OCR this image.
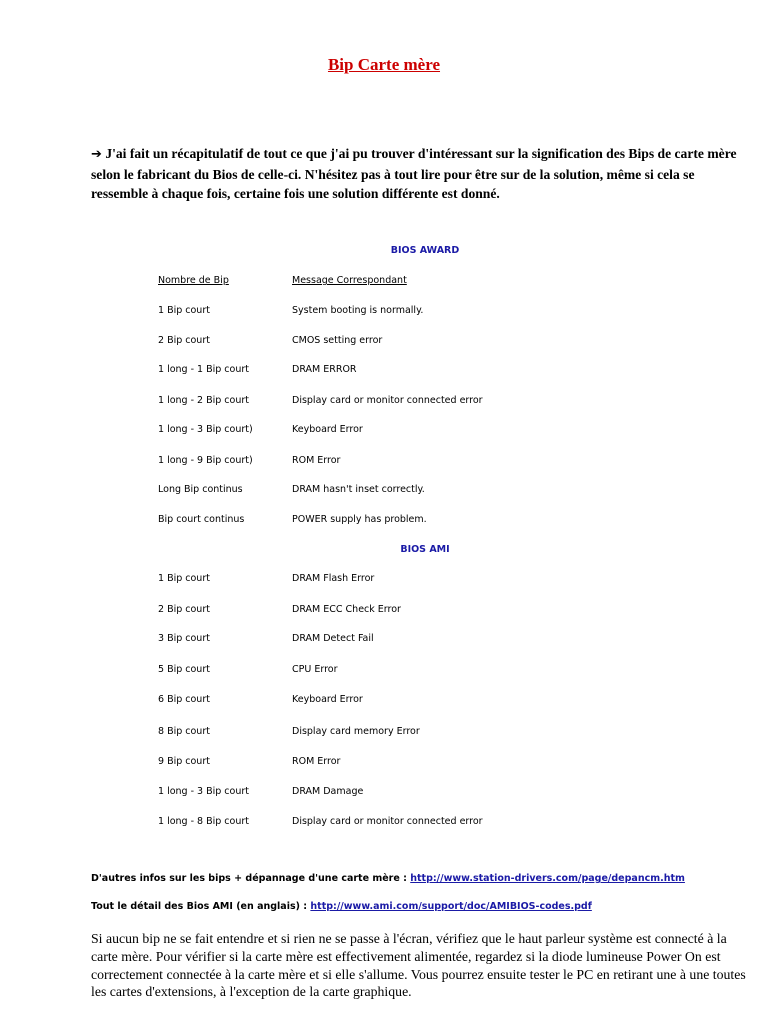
Bip Carte mère
➔ J'ai fait un récapitulatif de tout ce que j'ai pu trouver d'intéressant sur la signification des Bips de carte mère selon le fabricant du Bios de celle-ci. N'hésitez pas à tout lire pour être sur de la solution, même si cela se ressemble à chaque fois, certaine fois une solution différente est donné.
BIOS AWARD
Nombre de Bip	Message Correspondant
1 Bip court	System booting is normally.
2 Bip court	CMOS setting error
1 long - 1 Bip court	DRAM ERROR
1 long - 2 Bip court	Display card or monitor connected error
1 long - 3 Bip court)	Keyboard Error
1 long - 9 Bip court)	ROM Error
Long Bip continus	DRAM hasn't inset correctly.
Bip court continus	POWER supply has problem.
BIOS AMI
1 Bip court	DRAM Flash Error
2 Bip court	DRAM ECC Check Error
3 Bip court	DRAM Detect Fail
5 Bip court	CPU Error
6 Bip court	Keyboard Error
8 Bip court	Display card memory Error
9 Bip court	ROM Error
1 long - 3 Bip court	DRAM Damage
1 long - 8 Bip court	Display card or monitor connected error
D'autres infos sur les bips + dépannage d'une carte mère : http://www.station-drivers.com/page/depancm.htm
Tout le détail des Bios AMI (en anglais) : http://www.ami.com/support/doc/AMIBIOS-codes.pdf
Si aucun bip ne se fait entendre et si rien ne se passe à l'écran, vérifiez que le haut parleur système est connecté à la carte mère. Pour vérifier si la carte mère est effectivement alimentée, regardez si la diode lumineuse Power On est correctement connectée à la carte mère et si elle s'allume. Vous pourrez ensuite tester le PC en retirant une à une toutes les cartes d'extensions, à l'exception de la carte graphique.
